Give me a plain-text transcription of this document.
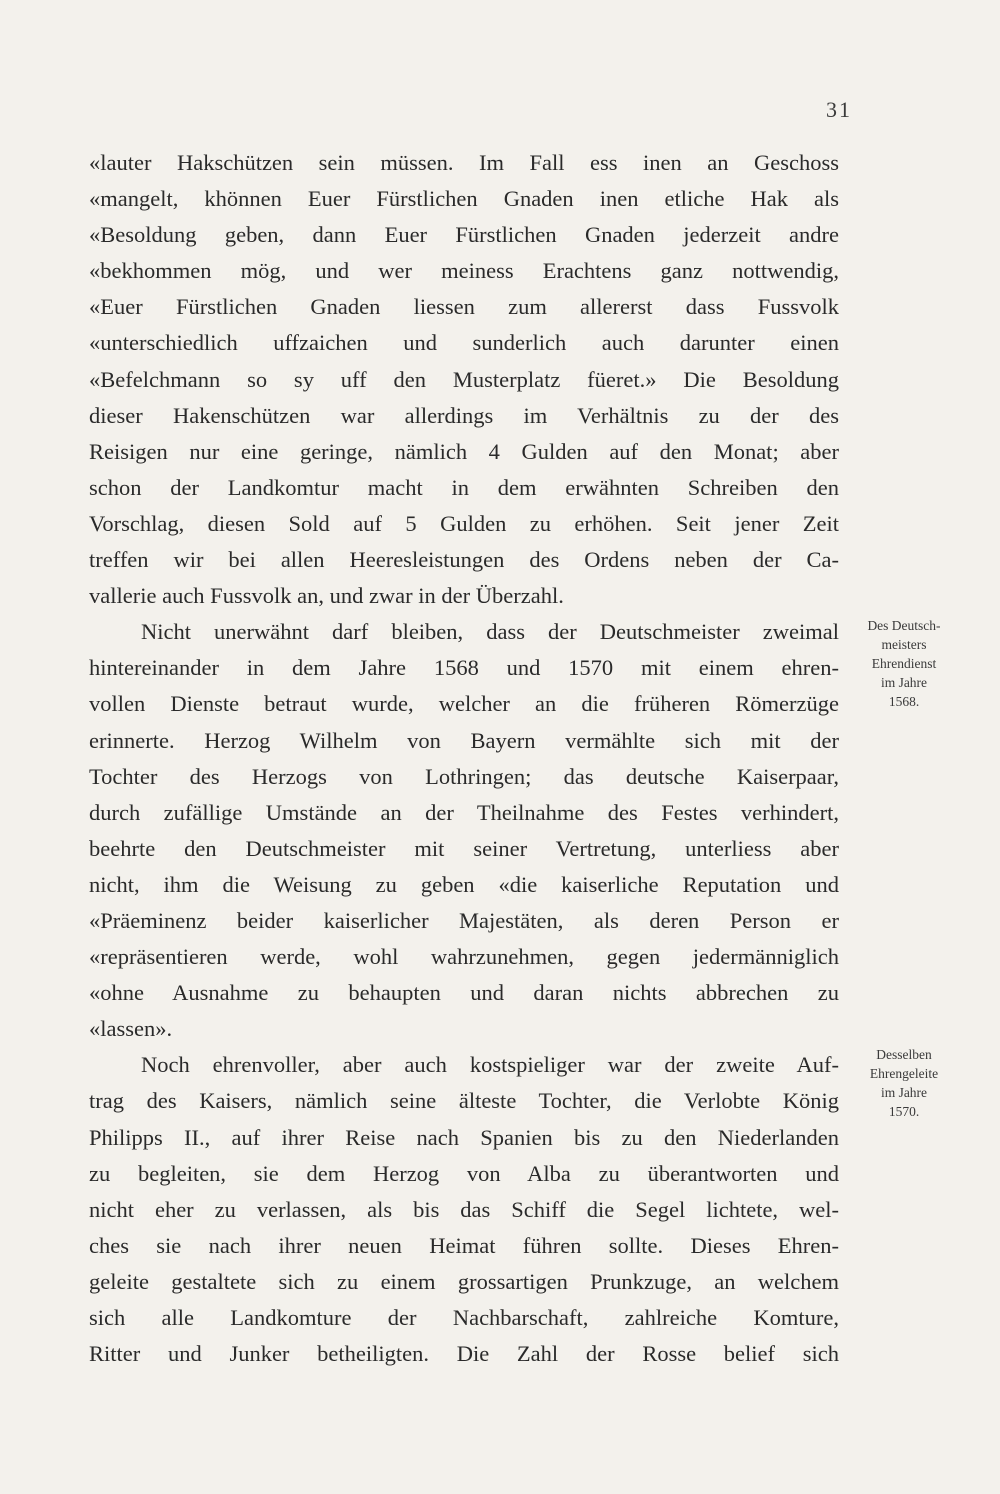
31
«lauter Hakschützen sein müssen. Im Fall ess inen an Geschoss
«mangelt, khönnen Euer Fürstlichen Gnaden inen etliche Hak als
«Besoldung geben, dann Euer Fürstlichen Gnaden jederzeit andre
«bekhommen mög, und wer meiness Erachtens ganz nottwendig,
«Euer Fürstlichen Gnaden liessen zum allererst dass Fussvolk
«unterschiedlich uffzaichen und sunderlich auch darunter einen
«Befelchmann so sy uff den Musterplatz füeret.» Die Besoldung
dieser Hakenschützen war allerdings im Verhältnis zu der des
Reisigen nur eine geringe, nämlich 4 Gulden auf den Monat; aber
schon der Landkomtur macht in dem erwähnten Schreiben den
Vorschlag, diesen Sold auf 5 Gulden zu erhöhen. Seit jener Zeit
treffen wir bei allen Heeresleistungen des Ordens neben der Ca-
vallerie auch Fussvolk an, und zwar in der Überzahl.
Nicht unerwähnt darf bleiben, dass der Deutschmeister zweimal
hintereinander in dem Jahre 1568 und 1570 mit einem ehren-
vollen Dienste betraut wurde, welcher an die früheren Römerzüge
erinnerte. Herzog Wilhelm von Bayern vermählte sich mit der
Tochter des Herzogs von Lothringen; das deutsche Kaiserpaar,
durch zufällige Umstände an der Theilnahme des Festes verhindert,
beehrte den Deutschmeister mit seiner Vertretung, unterliess aber
nicht, ihm die Weisung zu geben «die kaiserliche Reputation und
«Präeminenz beider kaiserlicher Majestäten, als deren Person er
«repräsentieren werde, wohl wahrzunehmen, gegen jedermänniglich
«ohne Ausnahme zu behaupten und daran nichts abbrechen zu
«lassen».
Noch ehrenvoller, aber auch kostspieliger war der zweite Auf-
trag des Kaisers, nämlich seine älteste Tochter, die Verlobte König
Philipps II., auf ihrer Reise nach Spanien bis zu den Niederlanden
zu begleiten, sie dem Herzog von Alba zu überantworten und
nicht eher zu verlassen, als bis das Schiff die Segel lichtete, wel-
ches sie nach ihrer neuen Heimat führen sollte. Dieses Ehren-
geleite gestaltete sich zu einem grossartigen Prunkzuge, an welchem
sich alle Landkomture der Nachbarschaft, zahlreiche Komture,
Ritter und Junker betheiligten. Die Zahl der Rosse belief sich
Des Deutsch-
meisters
Ehrendienst
im Jahre
1568.
Desselben
Ehrengeleite
im Jahre
1570.
